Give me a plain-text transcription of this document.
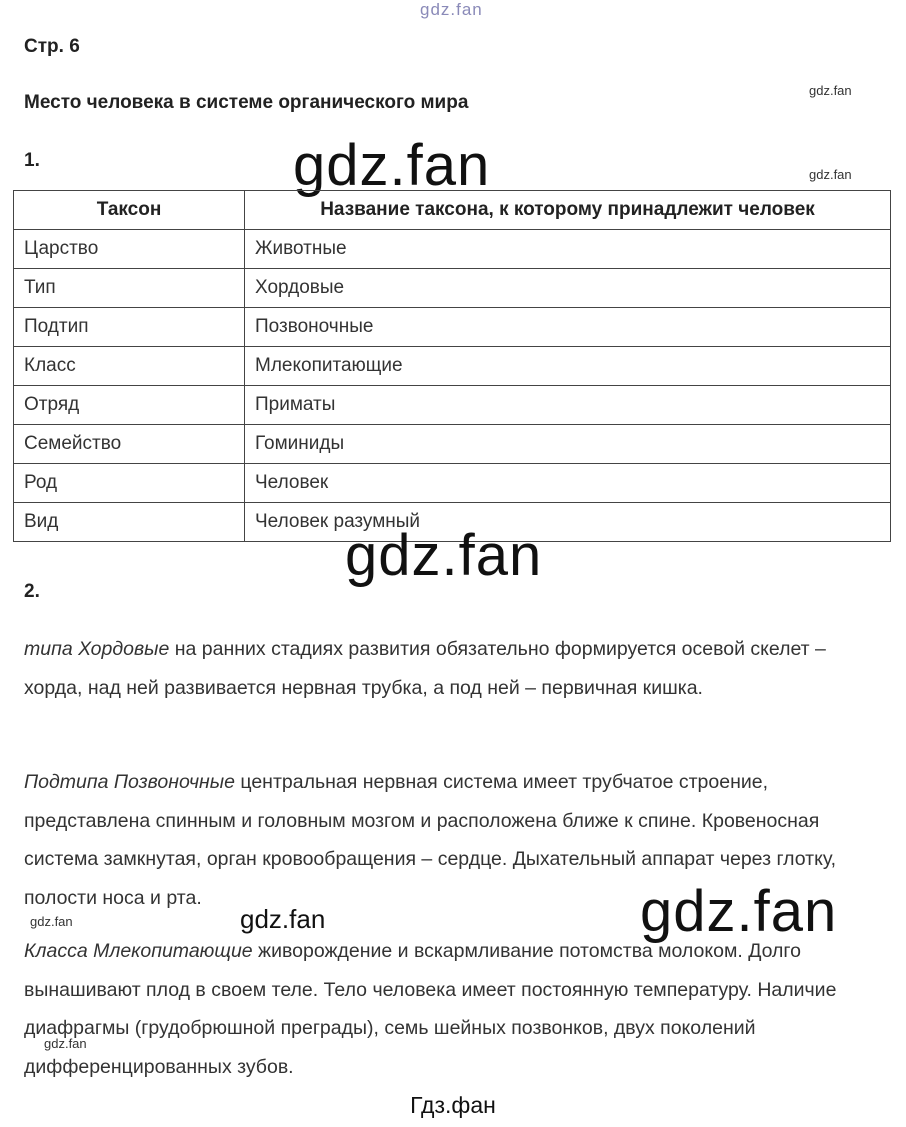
gdz.fan
Стр. 6
gdz.fan
Место человека в системе органического мира
1.	gdz.fan	gdz.fan
Таксон	Название таксона, к которому принадлежит человек
Царство	Животные
Тип	Хордовые
Подтип	Позвоночные
Класс	Млекопитающие
Отряд	Приматы
Семейство	Гоминиды
Род	Человек
Вид	Человек разумный
gdz.fan
2.
типа Хордовые на ранних стадиях развития обязательно формируется осевой скелет – хорда, над ней развивается нервная трубка, а под ней – первичная кишка.
Подтипа Позвоночные центральная нервная система имеет трубчатое строение, представлена спинным и головным мозгом и расположена ближе к спине. Кровеносная система замкнутая, орган кровообращения – сердце. Дыхательный аппарат через глотку, полости носа и рта.
gdz.fan	gdz.fan	gdz.fan
Класса Млекопитающие живорождение и вскармливание потомства молоком. Долго вынашивают плод в своем теле. Тело человека имеет постоянную температуру. Наличие диафрагмы (грудобрюшной преграды), семь шейных позвонков, двух поколений дифференцированных зубов.
gdz.fan
Гдз.фан
